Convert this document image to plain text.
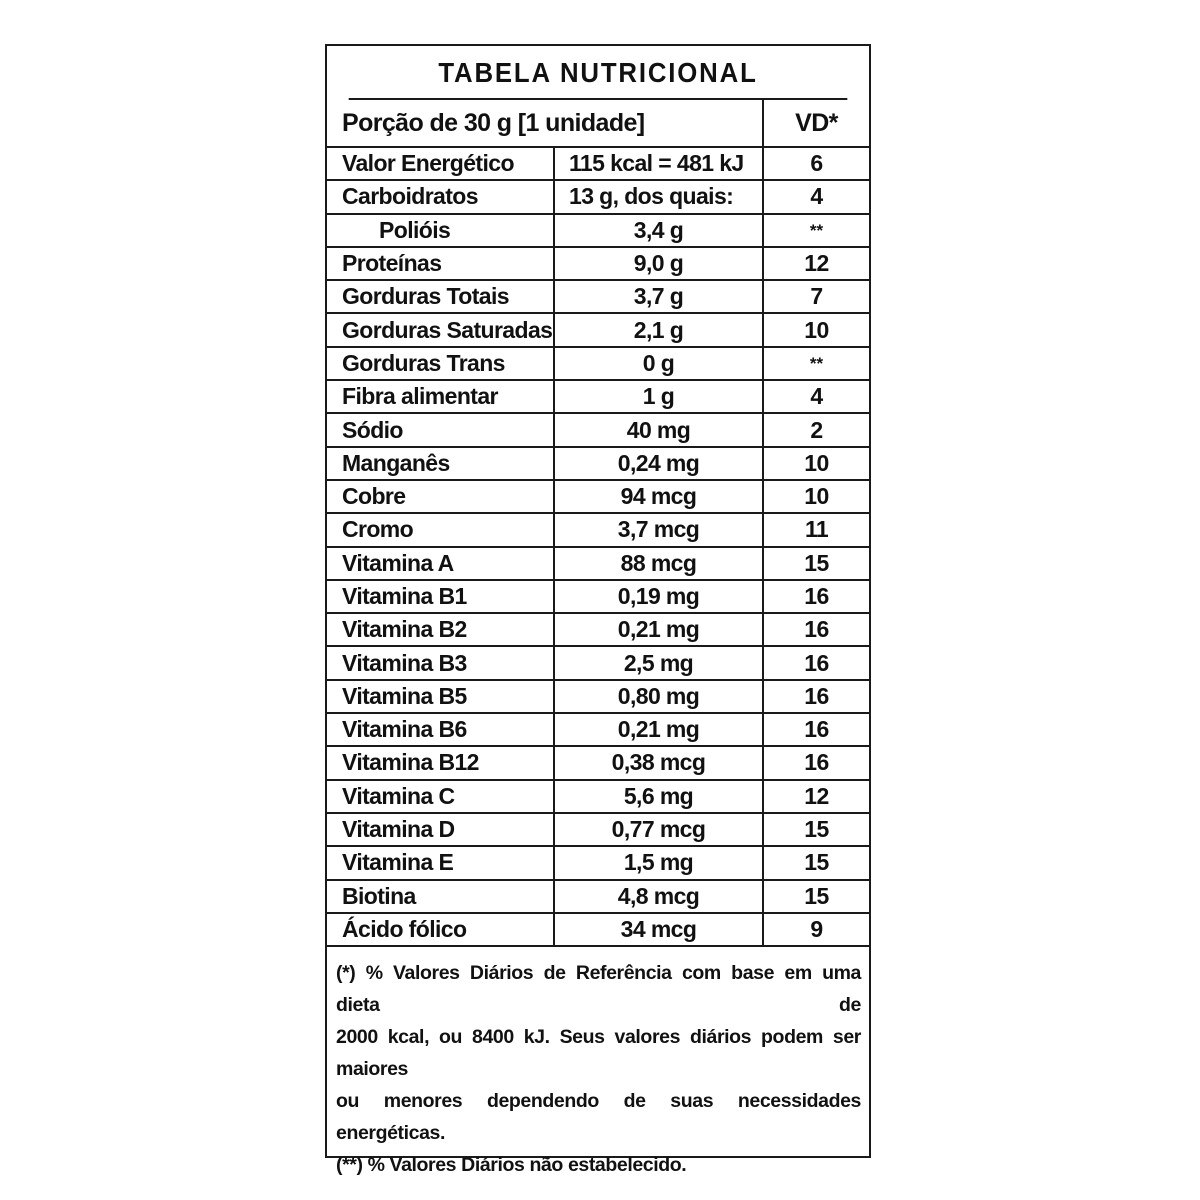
TABELA NUTRICIONAL
Porção de 30 g [1 unidade]		VD*
Valor Energético	115 kcal = 481 kJ	6
Carboidratos	13 g, dos quais:	4
Polióis	3,4 g	**
Proteínas	9,0 g	12
Gorduras Totais	3,7 g	7
Gorduras Saturadas	2,1 g	10
Gorduras Trans	0 g	**
Fibra alimentar	1 g	4
Sódio	40 mg	2
Manganês	0,24 mg	10
Cobre	94 mcg	10
Cromo	3,7 mcg	11
Vitamina A	88 mcg	15
Vitamina B1	0,19 mg	16
Vitamina B2	0,21 mg	16
Vitamina B3	2,5 mg	16
Vitamina B5	0,80 mg	16
Vitamina B6	0,21 mg	16
Vitamina B12	0,38 mcg	16
Vitamina C	5,6 mg	12
Vitamina D	0,77 mcg	15
Vitamina E	1,5 mg	15
Biotina	4,8 mcg	15
Ácido fólico	34 mcg	9

(*) % Valores Diários de Referência com base em uma dieta de

2000 kcal, ou 8400 kJ. Seus valores diários podem ser maiores

ou menores dependendo de suas necessidades energéticas.

(**) % Valores Diários não estabelecido.
